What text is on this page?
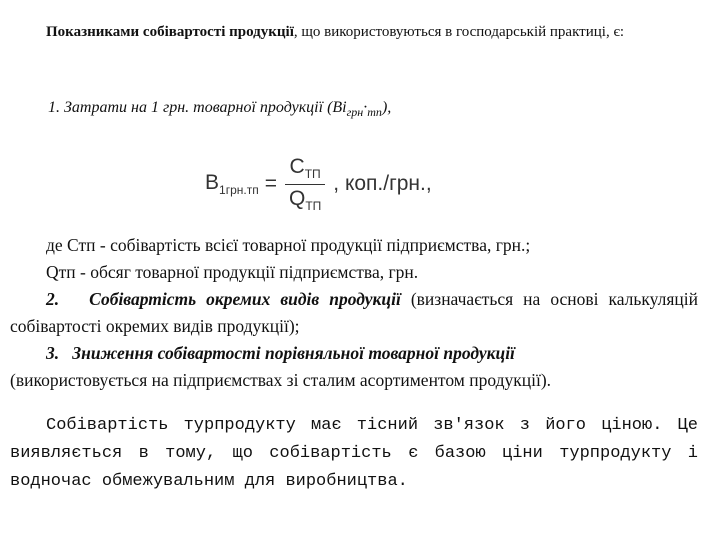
Показниками собівартості продукції, що використовуються в господарській практиці, є:

1. Затрати на 1 грн. товарної продукції $(Ві_{грн}\cdot_{тп})$,

$B_{1грн.тп} = \frac{C_{ТП}}{Q_{ТП}}$ , коп./грн.,

де Стп - собівартість всієї товарної продукції підприємства, грн.;

Qтп - обсяг товарної продукції підприємства, грн.

2. Собівартість окремих видів продукції (визначається на основі калькуляцій собівартості окремих видів продукції);

3. Зниження собівартості порівняльної товарної продукції

(використовується на підприємствах зі сталим асортиментом продукції).

Собівартість турпродукту має тісний зв'язок з його ціною. Це виявляється в тому, що собівартість є базою ціни турпродукту і водночас обмежувальним для виробництва.
